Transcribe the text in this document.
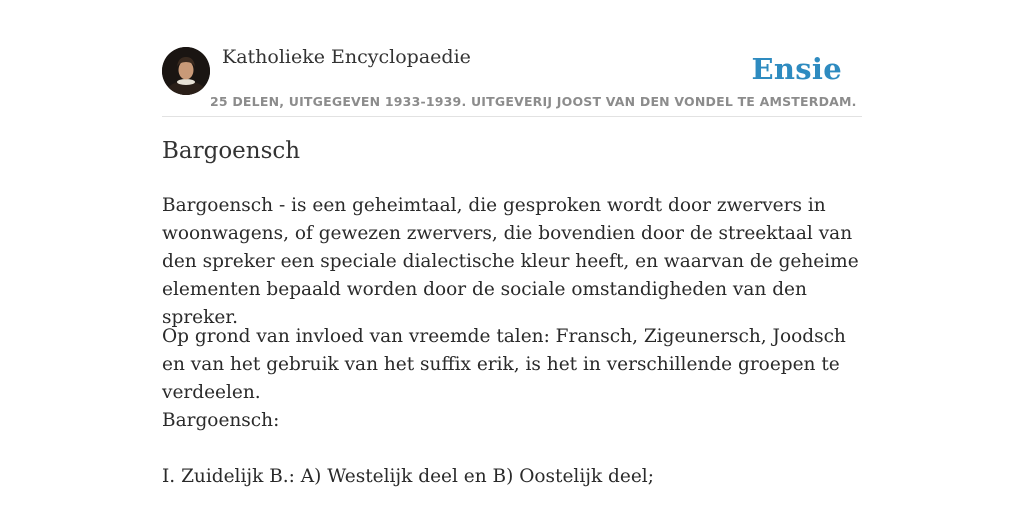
Katholieke Encyclopaedie	Ensie
25 DELEN, UITGEGEVEN 1933-1939. UITGEVERIJ JOOST VAN DEN VONDEL TE AMSTERDAM.
Bargoensch

Bargoensch - is een geheimtaal, die gesproken wordt door zwervers in woonwagens, of gewezen zwervers, die bovendien door de streektaal van den spreker een speciale dialectische kleur heeft, en waarvan de geheime elementen bepaald worden door de sociale omstandigheden van den spreker.

Op grond van invloed van vreemde talen: Fransch, Zigeunersch, Joodsch en van het gebruik van het suffix erik, is het in verschillende groepen te verdeelen.

Bargoensch:

I. Zuidelijk B.: A) Westelijk deel en B) Oostelijk deel;
